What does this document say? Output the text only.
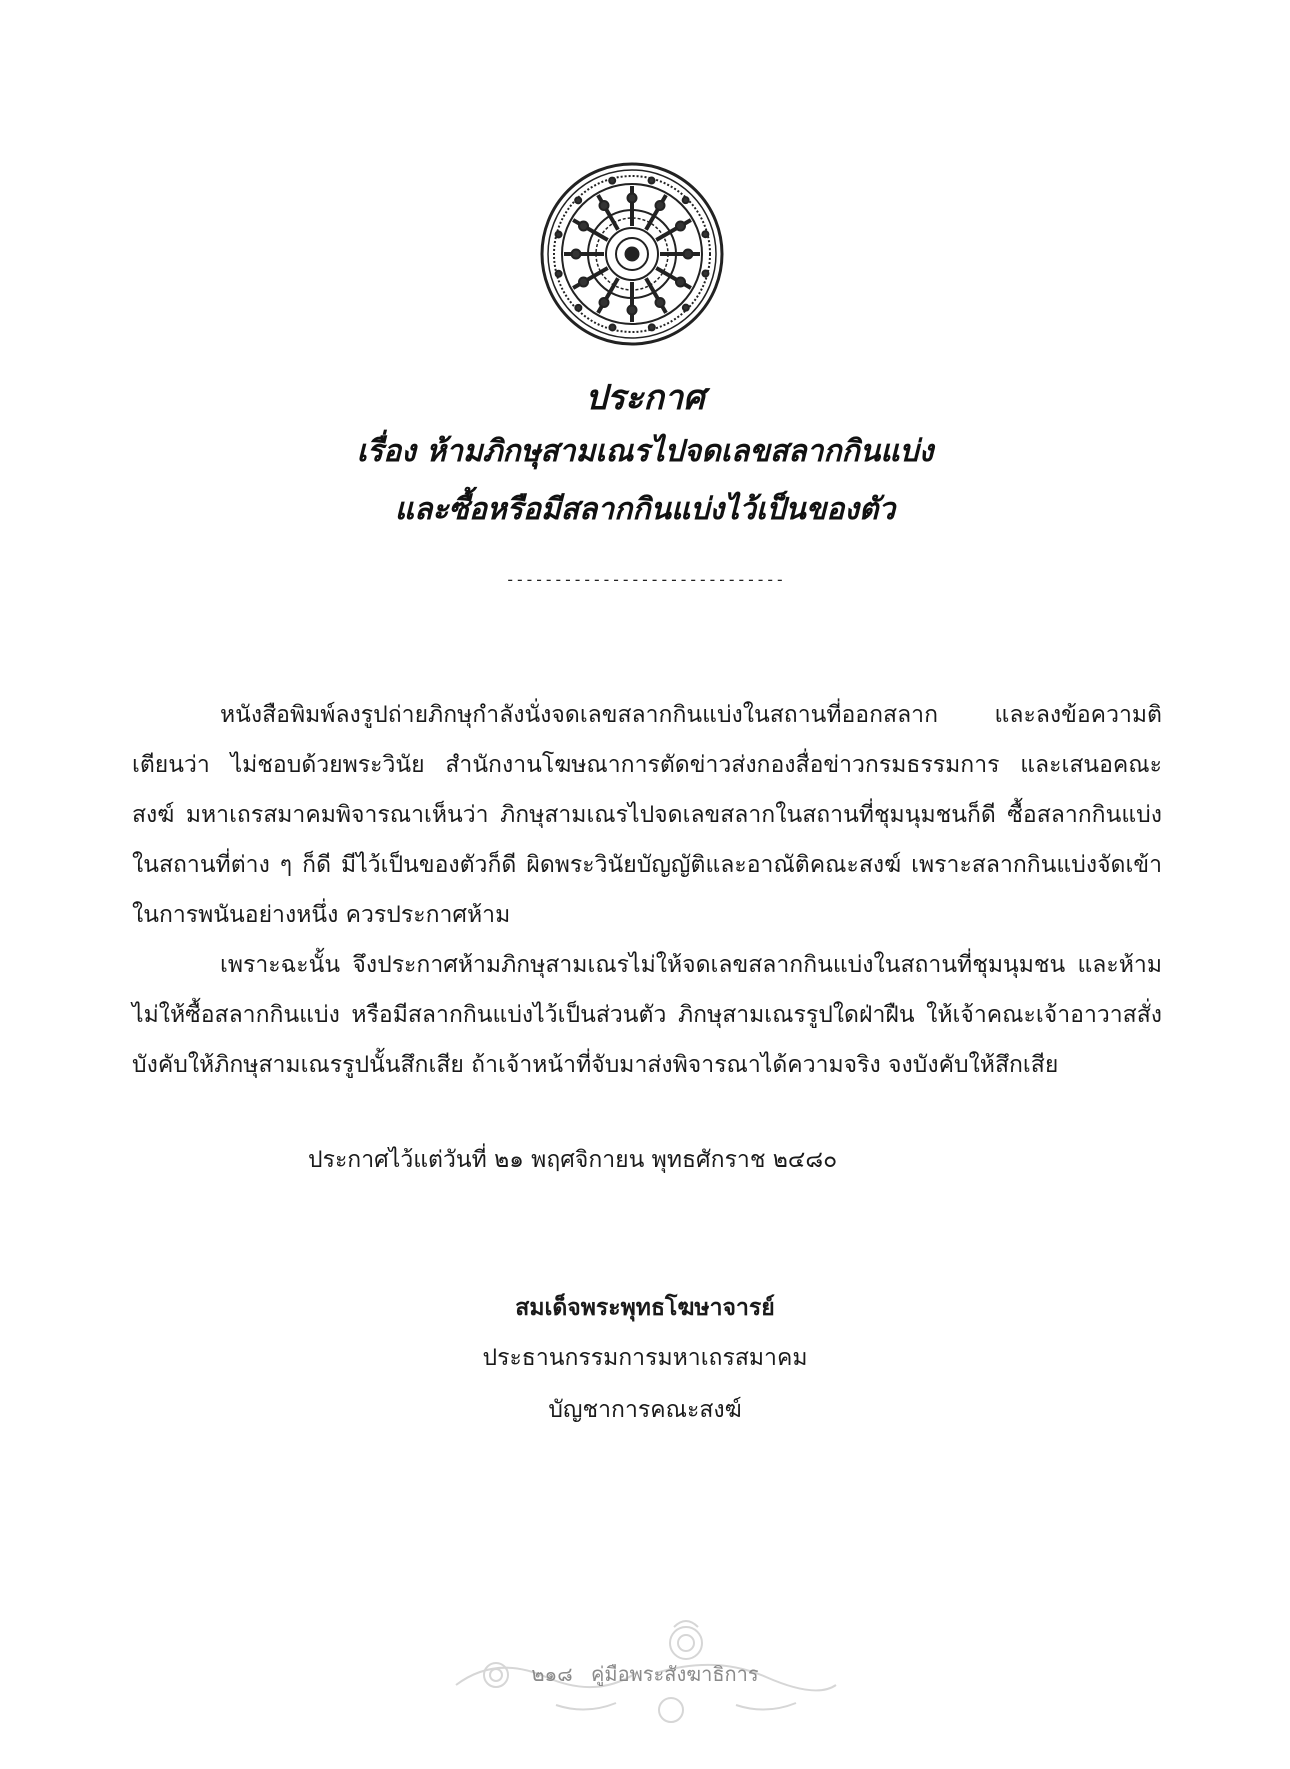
ประกาศ
เรื่อง ห้ามภิกษุสามเณรไปจดเลขสลากกินแบ่ง
และซื้อหรือมีสลากกินแบ่งไว้เป็นของตัว
-----------------------------
หนังสือพิมพ์ลงรูปถ่ายภิกษุกำลังนั่งจดเลขสลากกินแบ่งในสถานที่ออกสลาก และลงข้อความติเตียนว่า ไม่ชอบด้วยพระวินัย สำนักงานโฆษณาการตัดข่าวส่งกองสื่อข่าวกรมธรรมการ และเสนอคณะสงฆ์ มหาเถรสมาคมพิจารณาเห็นว่า ภิกษุสามเณรไปจดเลขสลากในสถานที่ชุมนุมชนก็ดี ซื้อสลากกินแบ่งในสถานที่ต่าง ๆ ก็ดี มีไว้เป็นของตัวก็ดี ผิดพระวินัยบัญญัติและอาณัติคณะสงฆ์ เพราะสลากกินแบ่งจัดเข้าในการพนันอย่างหนึ่ง ควรประกาศห้าม
เพราะฉะนั้น จึงประกาศห้ามภิกษุสามเณรไม่ให้จดเลขสลากกินแบ่งในสถานที่ชุมนุมชน และห้ามไม่ให้ซื้อสลากกินแบ่ง หรือมีสลากกินแบ่งไว้เป็นส่วนตัว ภิกษุสามเณรรูปใดฝ่าฝืน ให้เจ้าคณะเจ้าอาวาสสั่งบังคับให้ภิกษุสามเณรรูปนั้นสึกเสีย ถ้าเจ้าหน้าที่จับมาส่งพิจารณาได้ความจริง จงบังคับให้สึกเสีย
ประกาศไว้แต่วันที่ ๒๑ พฤศจิกายน พุทธศักราช ๒๔๘๐
สมเด็จพระพุทธโฆษาจารย์
ประธานกรรมการมหาเถรสมาคม
บัญชาการคณะสงฆ์
๒๑๘ คู่มือพระสังฆาธิการ
